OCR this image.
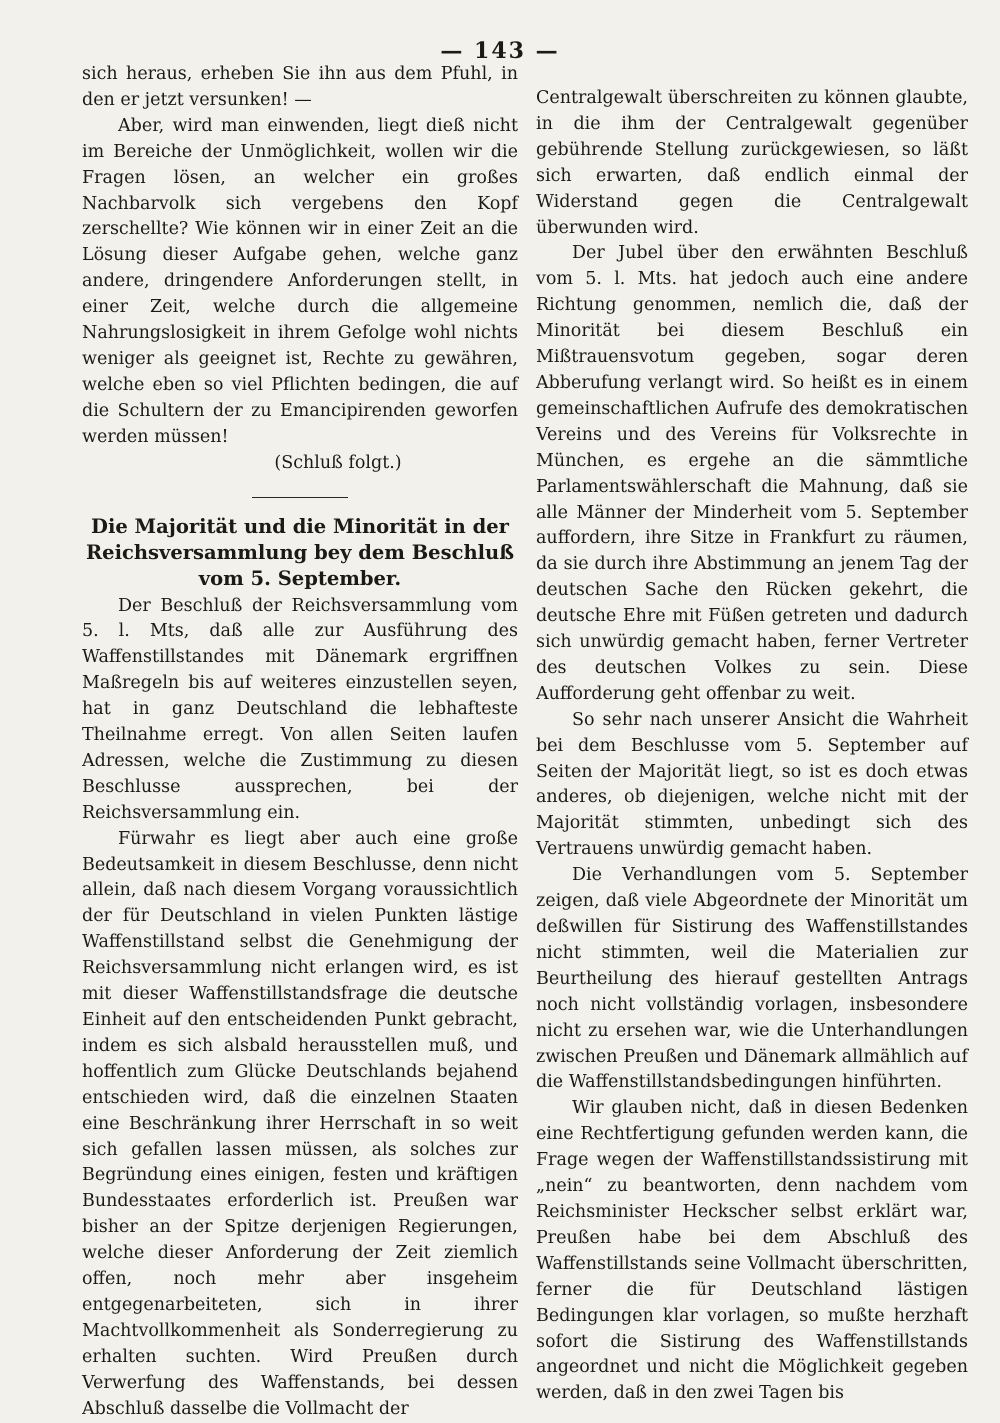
— 143 —

sich heraus, erheben Sie ihn aus dem Pfuhl, in den er jetzt versunken! —

Aber, wird man einwenden, liegt dieß nicht im Bereiche der Unmöglichkeit, wollen wir die Fragen lösen, an welcher ein großes Nachbarvolk sich vergebens den Kopf zerschellte? Wie können wir in einer Zeit an die Lösung dieser Aufgabe gehen, welche ganz andere, dringendere Anforderungen stellt, in einer Zeit, welche durch die allgemeine Nahrungslosigkeit in ihrem Gefolge wohl nichts weniger als geeignet ist, Rechte zu gewähren, welche eben so viel Pflichten bedingen, die auf die Schultern der zu Emancipirenden geworfen werden müssen!

(Schluß folgt.)

Die Majorität und die Minorität in der Reichsversammlung bey dem Beschluß vom 5. September.

Der Beschluß der Reichsversammlung vom 5. l. Mts, daß alle zur Ausführung des Waffenstillstandes mit Dänemark ergriffnen Maßregeln bis auf weiteres einzustellen seyen, hat in ganz Deutschland die lebhafteste Theilnahme erregt. Von allen Seiten laufen Adressen, welche die Zustimmung zu diesen Beschlusse aussprechen, bei der Reichsversammlung ein.

Fürwahr es liegt aber auch eine große Bedeutsamkeit in diesem Beschlusse, denn nicht allein, daß nach diesem Vorgang voraussichtlich der für Deutschland in vielen Punkten lästige Waffenstillstand selbst die Genehmigung der Reichsversammlung nicht erlangen wird, es ist mit dieser Waffenstillstandsfrage die deutsche Einheit auf den entscheidenden Punkt gebracht, indem es sich alsbald herausstellen muß, und hoffentlich zum Glücke Deutschlands bejahend entschieden wird, daß die einzelnen Staaten eine Beschränkung ihrer Herrschaft in so weit sich gefallen lassen müssen, als solches zur Begründung eines einigen, festen und kräftigen Bundesstaates erforderlich ist. Preußen war bisher an der Spitze derjenigen Regierungen, welche dieser Anforderung der Zeit ziemlich offen, noch mehr aber insgeheim entgegenarbeiteten, sich in ihrer Machtvollkommenheit als Sonderregierung zu erhalten suchten. Wird Preußen durch Verwerfung des Waffenstands, bei dessen Abschluß dasselbe die Vollmacht der

Centralgewalt überschreiten zu können glaubte, in die ihm der Centralgewalt gegenüber gebührende Stellung zurückgewiesen, so läßt sich erwarten, daß endlich einmal der Widerstand gegen die Centralgewalt überwunden wird.

Der Jubel über den erwähnten Beschluß vom 5. l. Mts. hat jedoch auch eine andere Richtung genommen, nemlich die, daß der Minorität bei diesem Beschluß ein Mißtrauensvotum gegeben, sogar deren Abberufung verlangt wird. So heißt es in einem gemeinschaftlichen Aufrufe des demokratischen Vereins und des Vereins für Volksrechte in München, es ergehe an die sämmtliche Parlamentswählerschaft die Mahnung, daß sie alle Männer der Minderheit vom 5. September auffordern, ihre Sitze in Frankfurt zu räumen, da sie durch ihre Abstimmung an jenem Tag der deutschen Sache den Rücken gekehrt, die deutsche Ehre mit Füßen getreten und dadurch sich unwürdig gemacht haben, ferner Vertreter des deutschen Volkes zu sein. Diese Aufforderung geht offenbar zu weit.

So sehr nach unserer Ansicht die Wahrheit bei dem Beschlusse vom 5. September auf Seiten der Majorität liegt, so ist es doch etwas anderes, ob diejenigen, welche nicht mit der Majorität stimmten, unbedingt sich des Vertrauens unwürdig gemacht haben.

Die Verhandlungen vom 5. September zeigen, daß viele Abgeordnete der Minorität um deßwillen für Sistirung des Waffenstillstandes nicht stimmten, weil die Materialien zur Beurtheilung des hierauf gestellten Antrags noch nicht vollständig vorlagen, insbesondere nicht zu ersehen war, wie die Unterhandlungen zwischen Preußen und Dänemark allmählich auf die Waffenstillstandsbedingungen hinführten.

Wir glauben nicht, daß in diesen Bedenken eine Rechtfertigung gefunden werden kann, die Frage wegen der Waffenstillstandssistirung mit „nein“ zu beantworten, denn nachdem vom Reichsminister Heckscher selbst erklärt war, Preußen habe bei dem Abschluß des Waffenstillstands seine Vollmacht überschritten, ferner die für Deutschland lästigen Bedingungen klar vorlagen, so mußte herzhaft sofort die Sistirung des Waffenstillstands angeordnet und nicht die Möglichkeit gegeben werden, daß in den zwei Tagen bis
